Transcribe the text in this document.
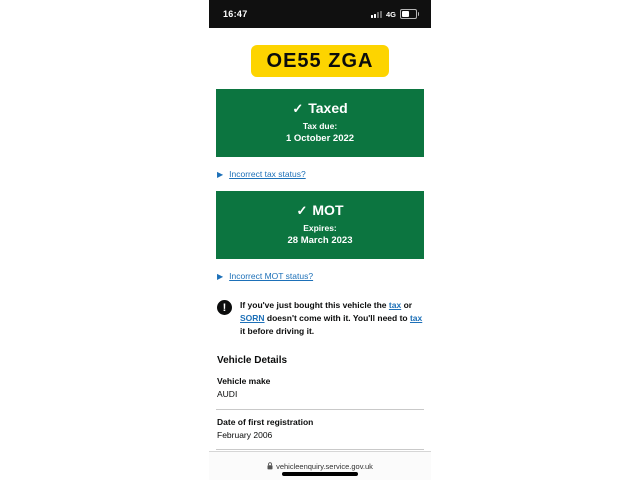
16:47	4G
OE55 ZGA
✓ Taxed
Tax due:
1 October 2022
▶ Incorrect tax status?
✓ MOT
Expires:
28 March 2023
▶ Incorrect MOT status?
!	If you've just bought this vehicle the tax or SORN doesn't come with it. You'll need to tax it before driving it.
Vehicle Details
Vehicle make
AUDI
Date of first registration
February 2006
vehicleenquiry.service.gov.uk
